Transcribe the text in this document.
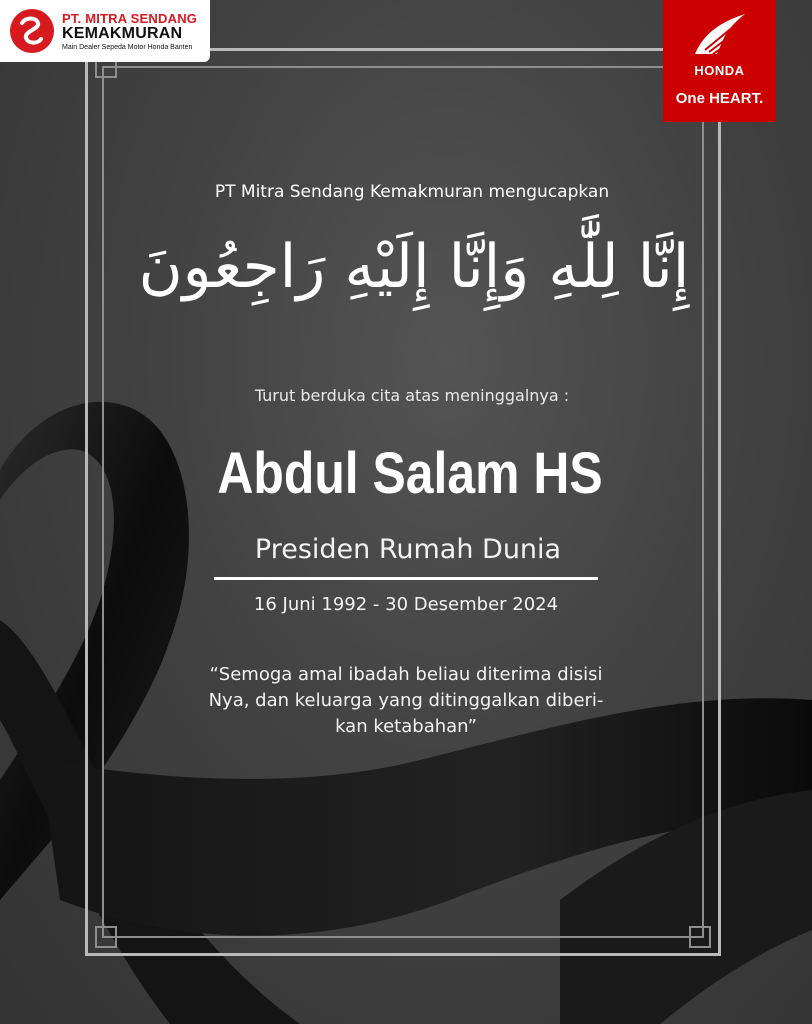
PT. MITRA SENDANG
KEMAKMURAN
Main Dealer Sepeda Motor Honda Banten
HONDA
One HEART.
PT Mitra Sendang Kemakmuran mengucapkan
إِنَّا لِلَّٰهِ وَإِنَّا إِلَيْهِ رَاجِعُونَ
Turut berduka cita atas meninggalnya :
Abdul Salam HS
Presiden Rumah Dunia
16 Juni 1992 - 30 Desember 2024
“Semoga amal ibadah beliau diterima disisi
Nya, dan keluarga yang ditinggalkan diberi-
kan ketabahan”
